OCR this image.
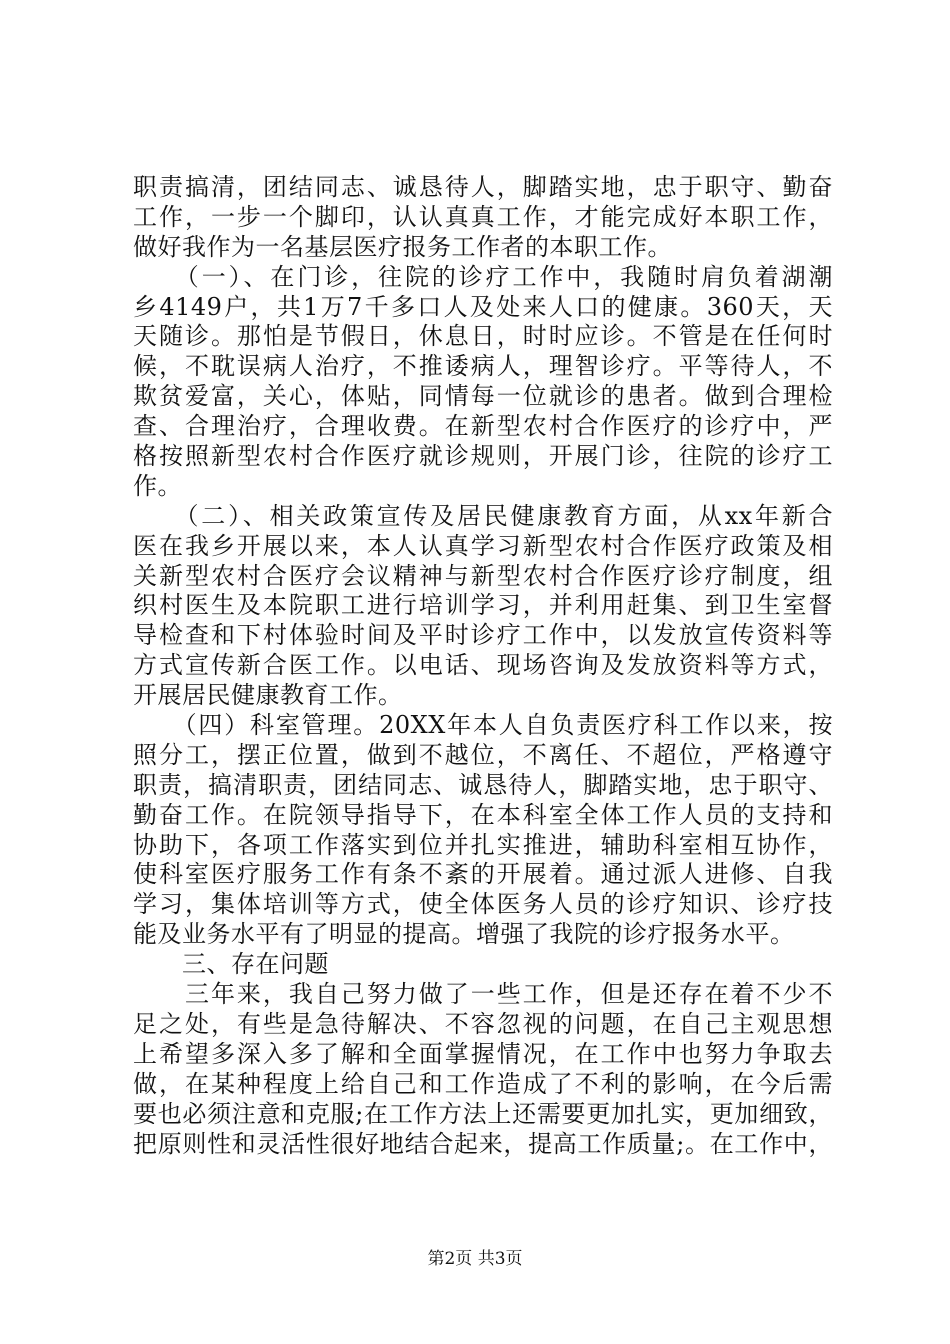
职责搞清，团结同志、诚恳待人，脚踏实地，忠于职守、勤奋
工作，一步一个脚印，认认真真工作，才能完成好本职工作，
做好我作为一名基层医疗报务工作者的本职工作。
　　（一）、在门诊，往院的诊疗工作中，我随时肩负着湖潮
乡4149户，共1万7千多口人及处来人口的健康。360天，天
天随诊。那怕是节假日，休息日，时时应诊。不管是在任何时
候，不耽误病人治疗，不推诿病人，理智诊疗。平等待人，不
欺贫爱富，关心，体贴，同情每一位就诊的患者。做到合理检
查、合理治疗，合理收费。在新型农村合作医疗的诊疗中，严
格按照新型农村合作医疗就诊规则，开展门诊，往院的诊疗工
作。
　　（二）、相关政策宣传及居民健康教育方面，从xx年新合
医在我乡开展以来，本人认真学习新型农村合作医疗政策及相
关新型农村合医疗会议精神与新型农村合作医疗诊疗制度，组
织村医生及本院职工进行培训学习，并利用赶集、到卫生室督
导检查和下村体验时间及平时诊疗工作中，以发放宣传资料等
方式宣传新合医工作。以电话、现场咨询及发放资料等方式，
开展居民健康教育工作。
　　（四）科室管理。20XX年本人自负责医疗科工作以来，按
照分工，摆正位置，做到不越位，不离任、不超位，严格遵守
职责，搞清职责，团结同志、诚恳待人，脚踏实地，忠于职守、
勤奋工作。在院领导指导下，在本科室全体工作人员的支持和
协助下，各项工作落实到位并扎实推进，辅助科室相互协作，
使科室医疗服务工作有条不紊的开展着。通过派人进修、自我
学习，集体培训等方式，使全体医务人员的诊疗知识、诊疗技
能及业务水平有了明显的提高。增强了我院的诊疗报务水平。
　　三、存在问题
　　三年来，我自己努力做了一些工作，但是还存在着不少不
足之处，有些是急待解决、不容忽视的问题，在自己主观思想
上希望多深入多了解和全面掌握情况，在工作中也努力争取去
做，在某种程度上给自己和工作造成了不利的影响，在今后需
要也必须注意和克服;在工作方法上还需要更加扎实，更加细致，
把原则性和灵活性很好地结合起来，提高工作质量;。在工作中，
第2页 共3页
